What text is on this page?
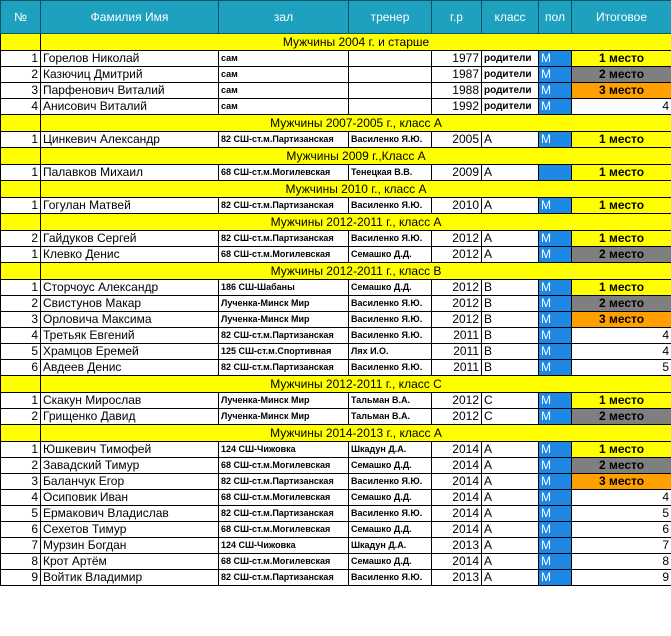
№	Фамилия Имя	зал	тренер	г.р	класс	пол	Итоговое
	Мужчины 2004 г. и старше						
1	Горелов Николай	сам		1977	родители	М	1 место
2	Казючиц Дмитрий	сам		1987	родители	М	2 место
3	Парфенович Виталий	сам		1988	родители	М	3 место
4	Анисович Виталий	сам		1992	родители	М	4
	Мужчины 2007-2005 г., класс А						
1	Цинкевич Александр	82 СШ-ст.м.Партизанская	Василенко Я.Ю.	2005	А	М	1 место
	Мужчины 2009 г.,Класс А						
1	Палавков Михаил	68 СШ-ст.м.Могилевская	Тенецкая В.В.	2009	А		1 место
	Мужчины 2010 г., класс А						
1	Гогулан Матвей	82 СШ-ст.м.Партизанская	Василенко Я.Ю.	2010	А	М	1 место
	Мужчины 2012-2011 г., класс А						
2	Гайдуков Сергей	82 СШ-ст.м.Партизанская	Василенко Я.Ю.	2012	А	М	1 место
1	Клевко Денис	68 СШ-ст.м.Могилевская	Семашко Д.Д.	2012	А	М	2 место
	Мужчины 2012-2011 г., класс В						
1	Сторчоус Александр	186 СШ-Шабаны	Семашко Д.Д.	2012	В	М	1 место
2	Свистунов Макар	Лученка-Минск Мир	Василенко Я.Ю.	2012	В	М	2 место
3	Орловича Максима	Лученка-Минск Мир	Василенко Я.Ю.	2012	В	М	3 место
4	Третьяк Евгений	82 СШ-ст.м.Партизанская	Василенко Я.Ю.	2011	В	М	4
5	Храмцов Еремей	125 СШ-ст.м.Спортивная	Лях И.О.	2011	В	М	4
6	Авдеев Денис	82 СШ-ст.м.Партизанская	Василенко Я.Ю.	2011	В	М	5
	Мужчины 2012-2011 г., класс С						
1	Скакун Мирослав	Лученка-Минск Мир	Тальман В.А.	2012	С	М	1 место
2	Грищенко Давид	Лученка-Минск Мир	Тальман В.А.	2012	С	М	2 место
	Мужчины 2014-2013 г., класс А						
1	Юшкевич Тимофей	124 СШ-Чижовка	Шкадун Д.А.	2014	А	М	1 место
2	Завадский Тимур	68 СШ-ст.м.Могилевская	Семашко Д.Д.	2014	А	М	2 место
3	Баланчук Егор	82 СШ-ст.м.Партизанская	Василенко Я.Ю.	2014	А	М	3 место
4	Осиповик Иван	68 СШ-ст.м.Могилевская	Семашко Д.Д.	2014	А	М	4
5	Ермакович Владислав	82 СШ-ст.м.Партизанская	Василенко Я.Ю.	2014	А	М	5
6	Сехетов Тимур	68 СШ-ст.м.Могилевская	Семашко Д.Д.	2014	А	М	6
7	Мурзин Богдан	124 СШ-Чижовка	Шкадун Д.А.	2013	А	М	7
8	Крот Артём	68 СШ-ст.м.Могилевская	Семашко Д.Д.	2014	А	М	8
9	Войтик Владимир	82 СШ-ст.м.Партизанская	Василенко Я.Ю.	2013	А	М	9
